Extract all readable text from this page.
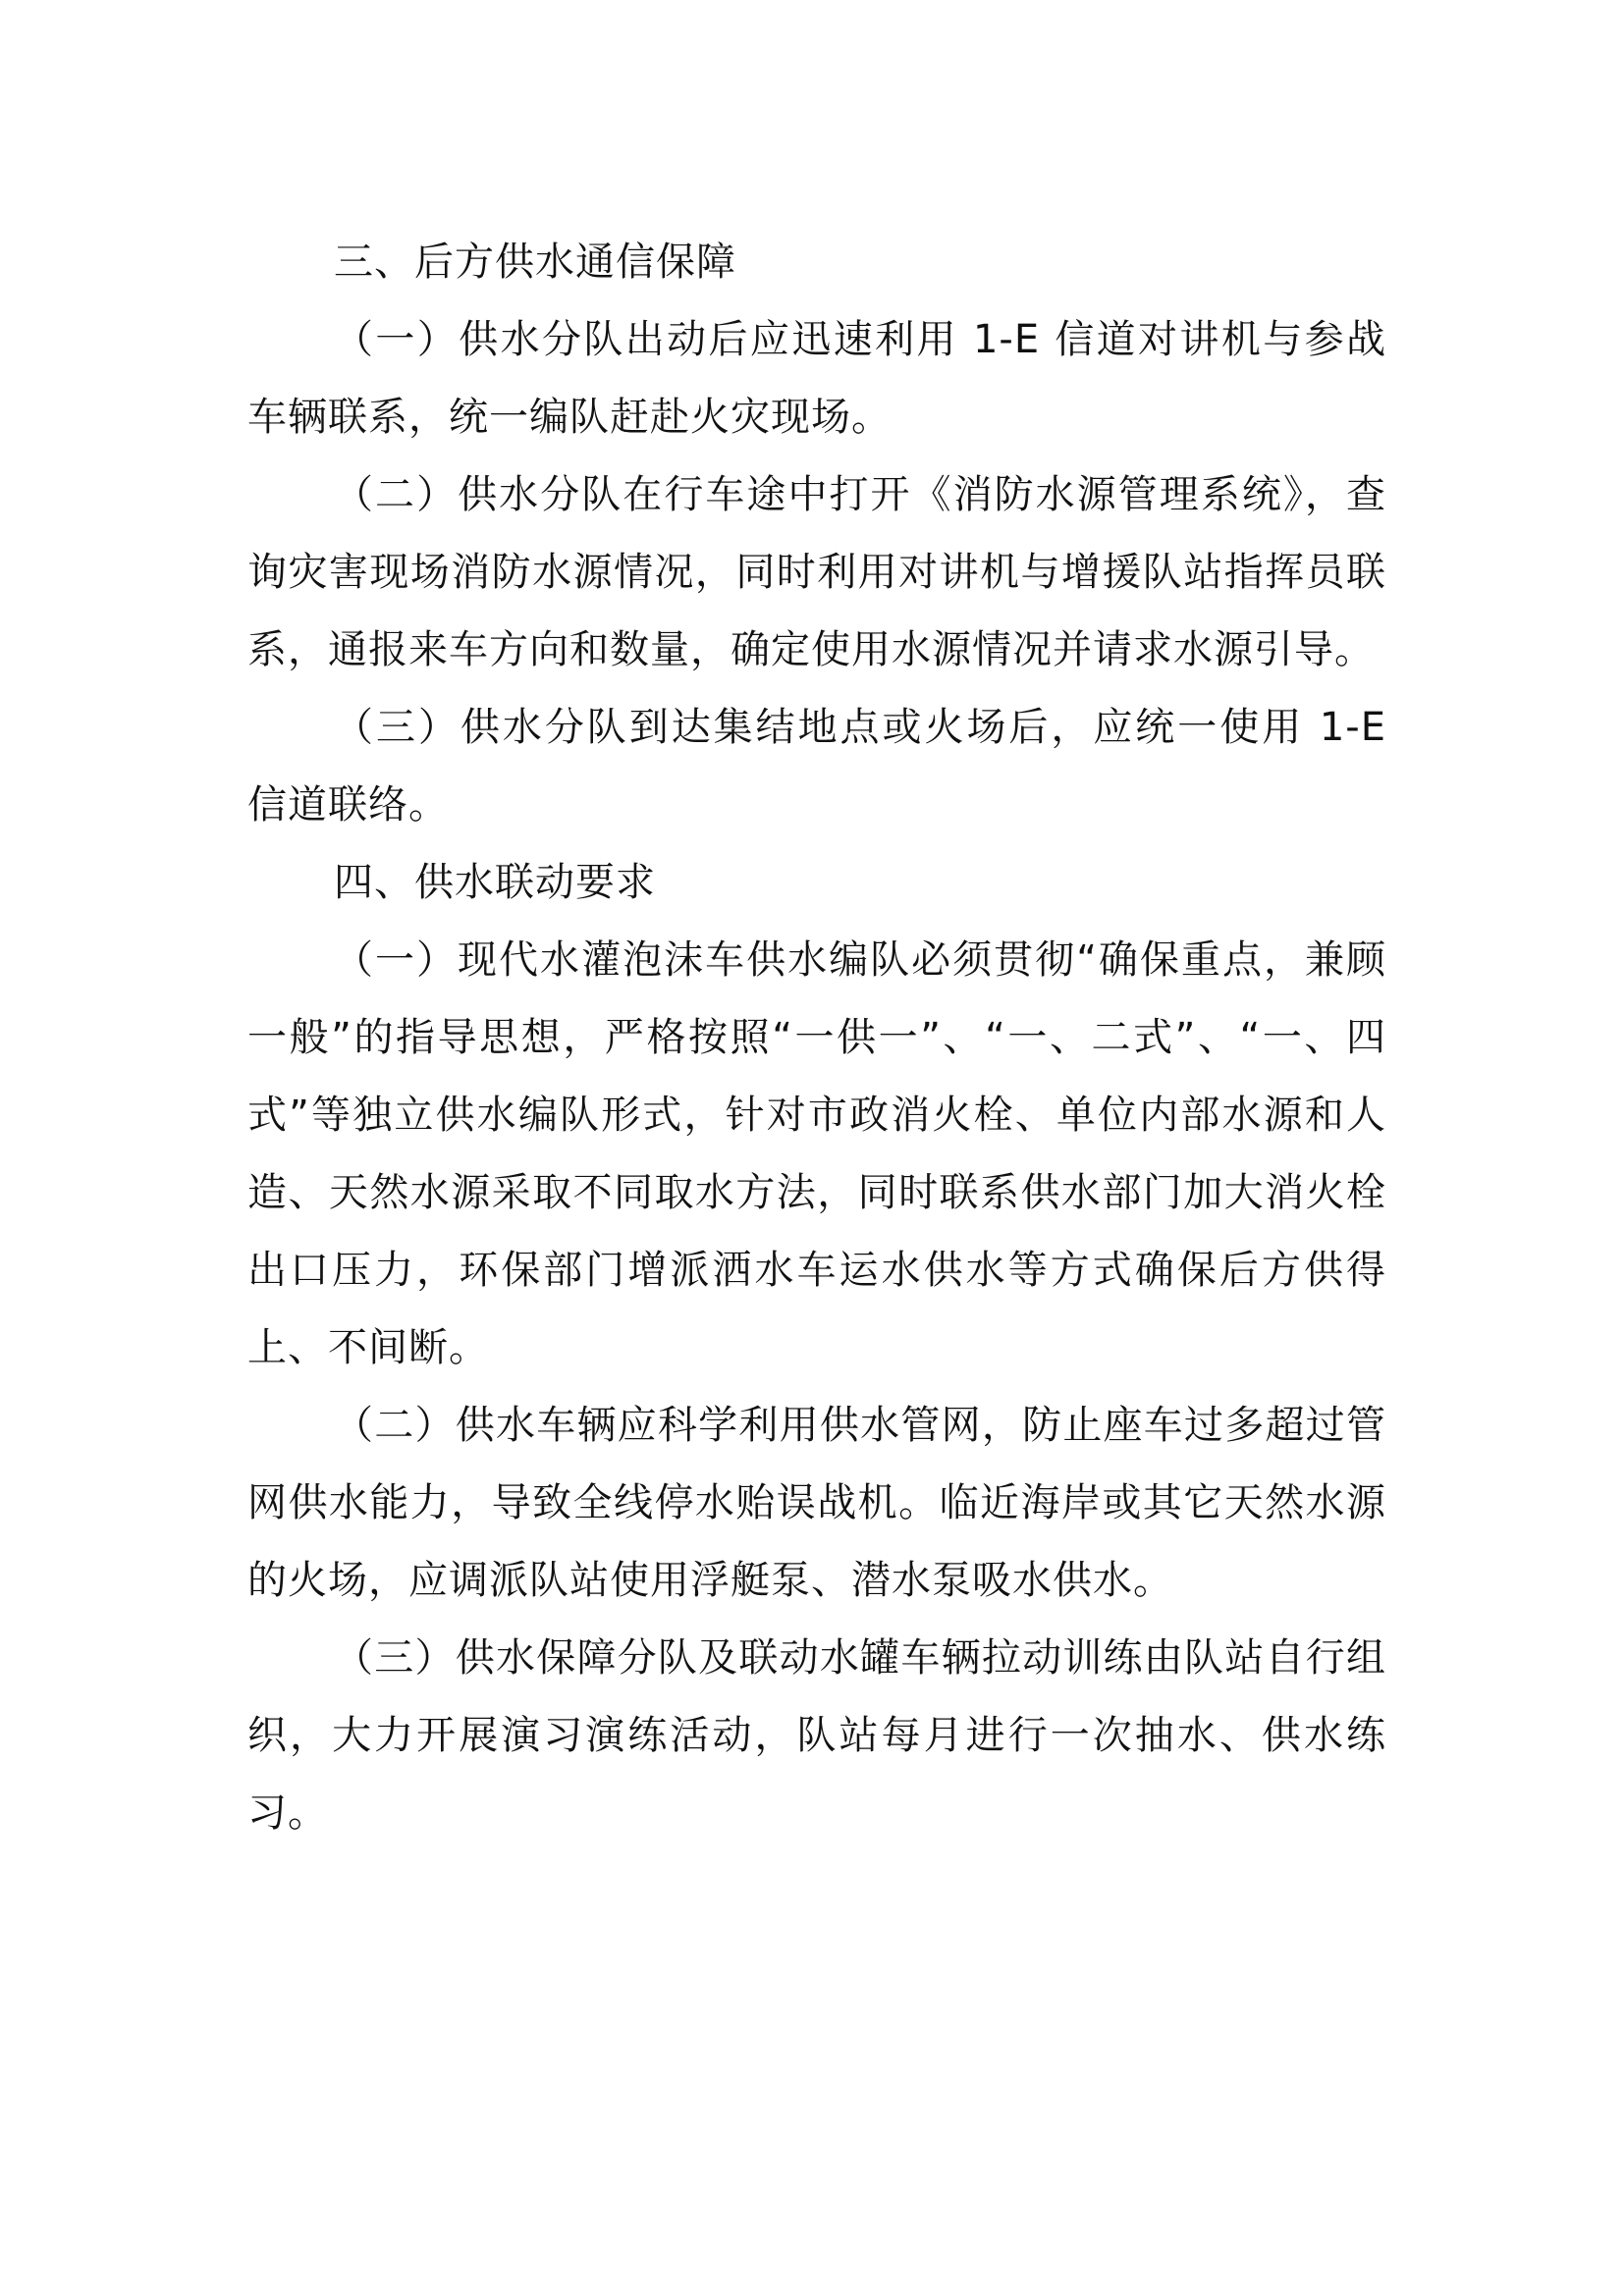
三、后方供水通信保障

（一）供水分队出动后应迅速利用 1-E 信道对讲机与参战车辆联系，统一编队赶赴火灾现场。

（二）供水分队在行车途中打开《消防水源管理系统》，查询灾害现场消防水源情况，同时利用对讲机与增援队站指挥员联系，通报来车方向和数量，确定使用水源情况并请求水源引导。

（三）供水分队到达集结地点或火场后，应统一使用 1-E 信道联络。

四、供水联动要求

（一）现代水灌泡沫车供水编队必须贯彻“确保重点，兼顾一般”的指导思想，严格按照“一供一”、“一、二式”、“一、四式”等独立供水编队形式，针对市政消火栓、单位内部水源和人造、天然水源采取不同取水方法，同时联系供水部门加大消火栓出口压力，环保部门增派洒水车运水供水等方式确保后方供得上、不间断。

（二）供水车辆应科学利用供水管网，防止座车过多超过管网供水能力，导致全线停水贻误战机。临近海岸或其它天然水源的火场，应调派队站使用浮艇泵、潜水泵吸水供水。

（三）供水保障分队及联动水罐车辆拉动训练由队站自行组织，大力开展演习演练活动，队站每月进行一次抽水、供水练习。
